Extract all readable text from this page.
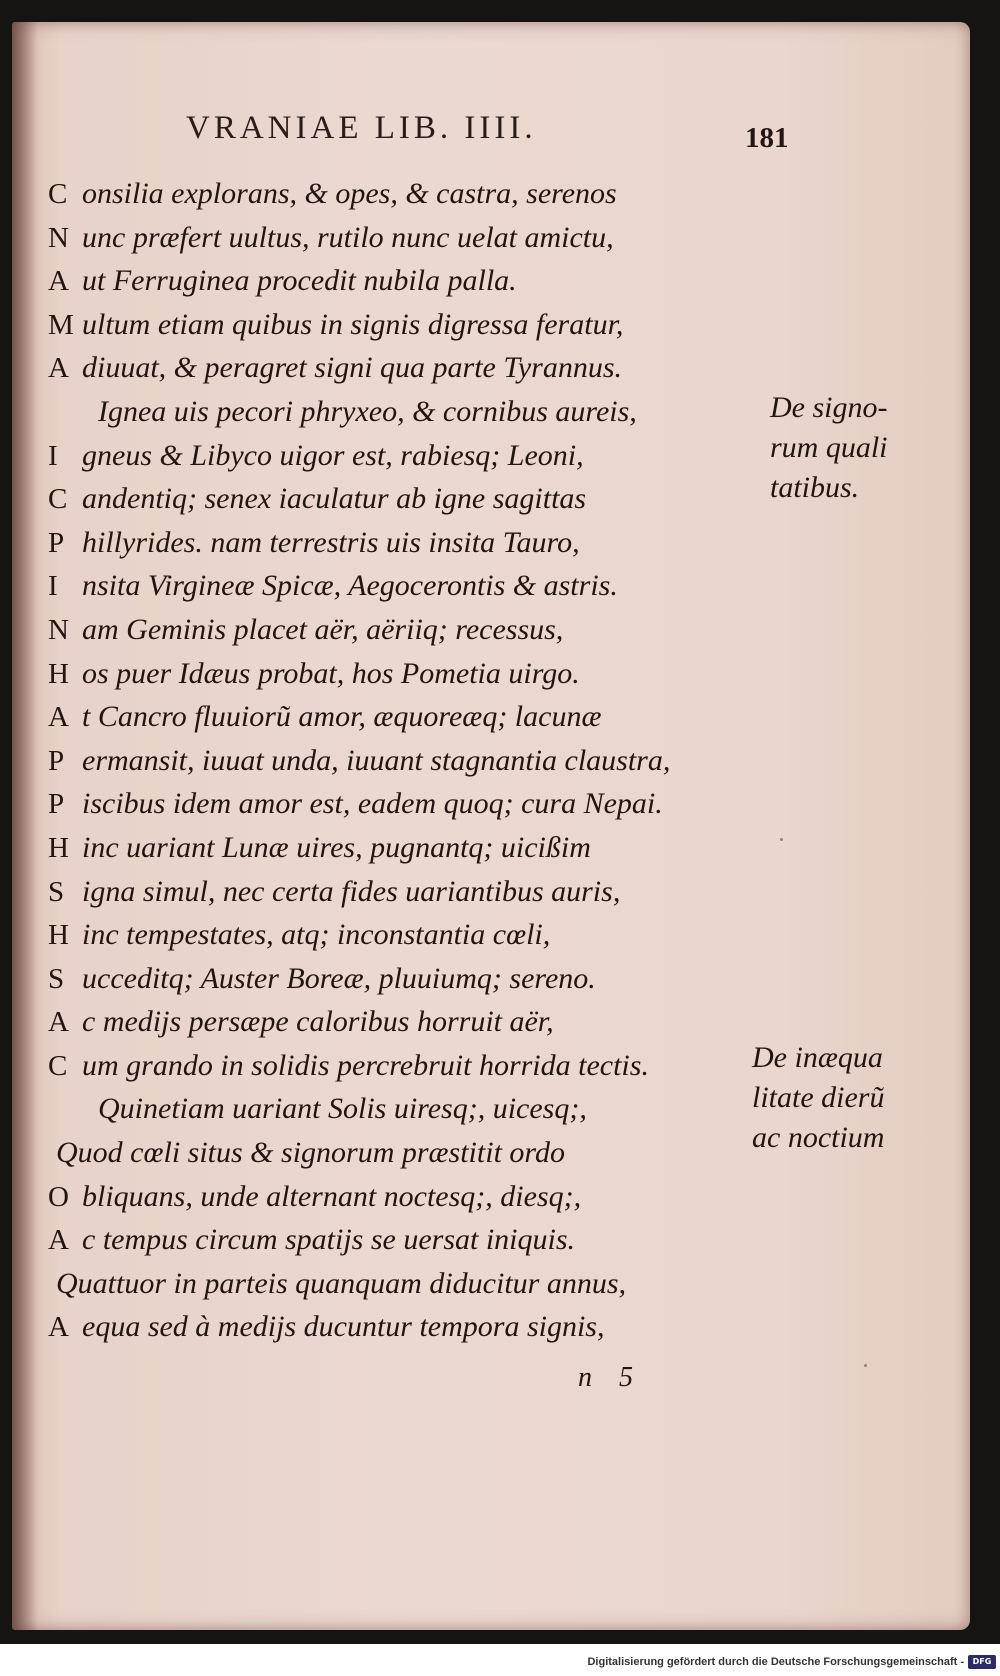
VRANIAE LIB. IIII.	181
C onsilia explorans, & opes, & castra, serenos
N unc præfert uultus, rutilo nunc uelat amictu,
A ut Ferruginea procedit nubila palla.
M ultum etiam quibus in signis digressa feratur,
A diuuat, & peragret signi qua parte Tyrannus.
Ignea uis pecori phryxeo, & cornibus aureis,
I gneus & Libyco uigor est, rabiesq; Leoni,
C andentiq; senex iaculatur ab igne sagittas
P hillyrides. nam terrestris uis insita Tauro,
I nsita Virgineæ Spicæ, Aegocerontis & astris.
N am Geminis placet aër, aëriiq; recessus,
H os puer Idæus probat, hos Pometia uirgo.
A t Cancro fluuiorũ amor, æquoreæq; lacunæ
P ermansit, iuuat unda, iuuant stagnantia claustra,
P iscibus idem amor est, eadem quoq; cura Nepai.
H inc uariant Lunæ uires, pugnantq; uicißim
S igna simul, nec certa fides uariantibus auris,
H inc tempestates, atq; inconstantia cœli,
S ucceditq; Auster Boreæ, pluuiumq; sereno.
A c medijs persæpe caloribus horruit aër,
C um grando in solidis percrebruit horrida tectis.
Quinetiam uariant Solis uiresq;, uicesq;,
Quod cœli situs & signorum præstitit ordo
O bliquans, unde alternant noctesq;, diesq;,
A c tempus circum spatijs se uersat iniquis.
Quattuor in parteis quanquam diducitur annus,
A equa sed à medijs ducuntur tempora signis,
De signo-
rum quali
tatibus.
De inæqua
litate dierũ
ac noctium
n 5
Digitalisierung gefördert durch die Deutsche Forschungsgemeinschaft -	DFG
